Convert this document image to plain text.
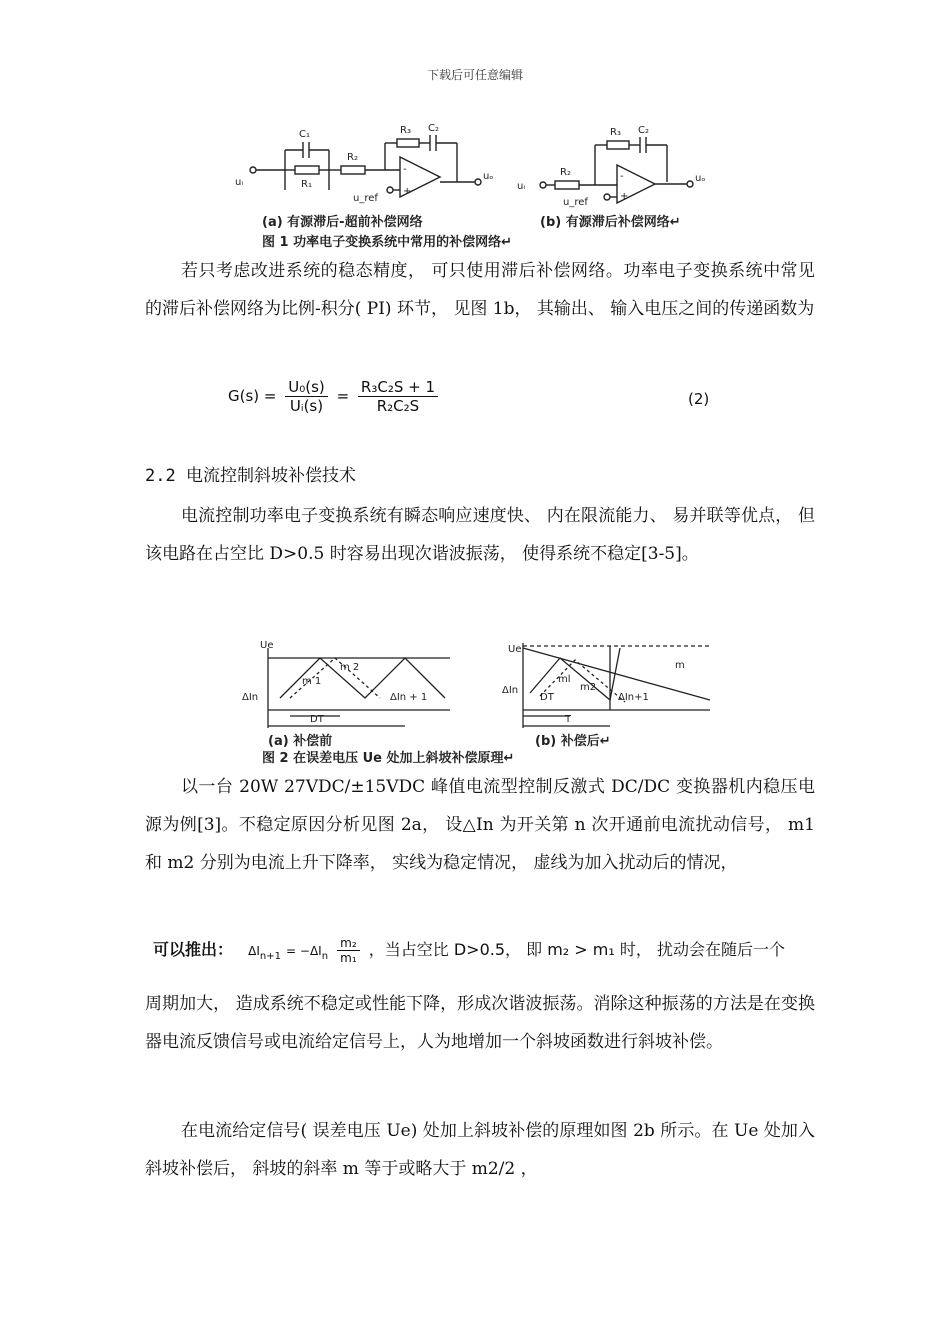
下载后可任意编辑
C₁
R₁
R₂
R₃ C₂
uᵢ
uₒ
u_ref
-
+
R₂
R₃ C₂
uᵢ
uₒ
u_ref
-
+
(a) 有源滞后-超前补偿网络	(b) 有源滞后补偿网络↵
图 1 功率电子变换系统中常用的补偿网络↵
若只考虑改进系统的稳态精度， 可只使用滞后补偿网络。功率电子变换系统中常见的滞后补偿网络为比例-积分( PI) 环节， 见图 1b， 其输出、 输入电压之间的传递函数为
$G(s) = \frac{\text{U₀(s)}}{\text{Uᵢ(s)}} = \frac{\text{R₃C₂S + 1}}{\text{R₂C₂S}}$	(2)
2.2 电流控制斜坡补偿技术
电流控制功率电子变换系统有瞬态响应速度快、 内在限流能力、 易并联等优点， 但该电路在占空比 D>0.5 时容易出现次谐波振荡， 使得系统不稳定[3-5]。
Ue
m 1
m 2
ΔIn	ΔIn + 1
DT
Ue
m
ml
m2
ΔIn
ΔIn+1
DT
T
(a) 补偿前	(b) 补偿后↵
图 2 在误差电压 Ue 处加上斜坡补偿原理↵
以一台 20W 27VDC/±15VDC 峰值电流型控制反激式 DC/DC 变换器机内稳压电源为例[3]。不稳定原因分析见图 2a， 设△In 为开关第 n 次开通前电流扰动信号， m1 和 m2 分别为电流上升下降率， 实线为稳定情况， 虚线为加入扰动后的情况，
可以推出： $\Delta I_{n+1} = -\Delta I_n \frac{\text{m₂}}{\text{m₁}}$ ，当占空比 D>0.5， 即 m₂ > m₁ 时， 扰动会在随后一个
周期加大， 造成系统不稳定或性能下降，形成次谐波振荡。消除这种振荡的方法是在变换器电流反馈信号或电流给定信号上，人为地增加一个斜坡函数进行斜坡补偿。
在电流给定信号( 误差电压 Ue) 处加上斜坡补偿的原理如图 2b 所示。在 Ue 处加入斜坡补偿后， 斜坡的斜率 m 等于或略大于 m2/2 ，
